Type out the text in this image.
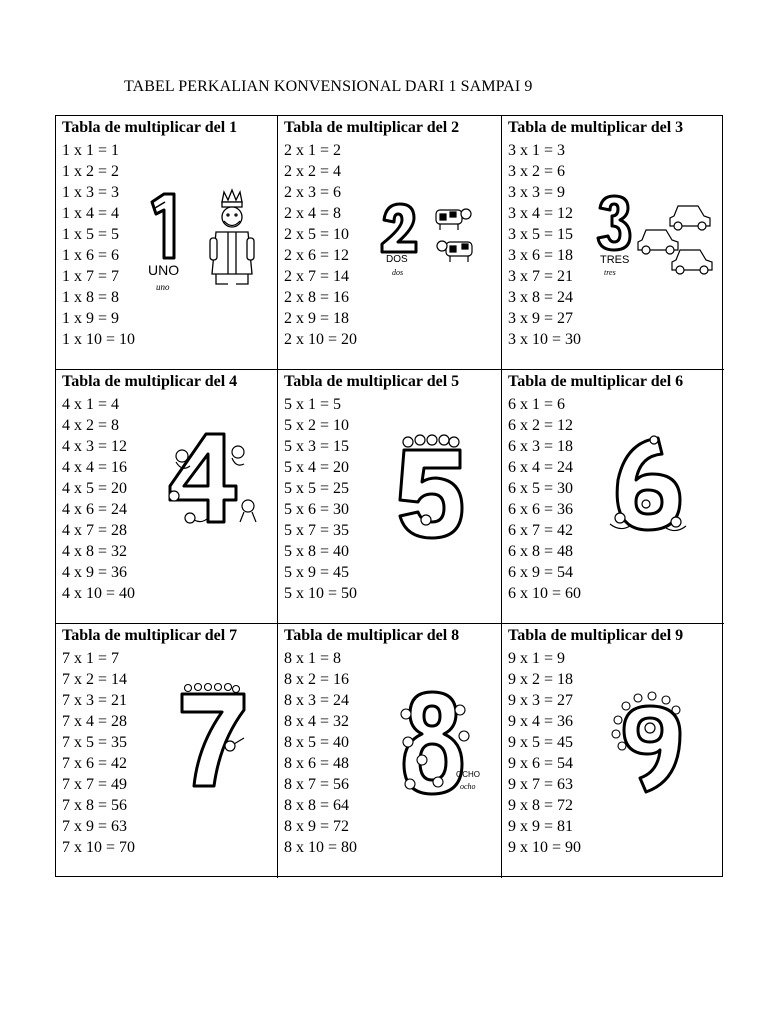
TABEL PERKALIAN KONVENSIONAL DARI 1 SAMPAI 9
Tabla de multiplicar del 1
1 x 1 = 1
1 x 2 = 2
1 x 3 = 3
1 x 4 = 4
1 x 5 = 5
1 x 6 = 6
1 x 7 = 7
1 x 8 = 8
1 x 9 = 9
1 x 10 = 10
UNO
uno
Tabla de multiplicar del 2
2 x 1 = 2
2 x 2 = 4
2 x 3 = 6
2 x 4 = 8
2 x 5 = 10
2 x 6 = 12
2 x 7 = 14
2 x 8 = 16
2 x 9 = 18
2 x 10 = 20
DOS
dos
Tabla de multiplicar del 3
3 x 1 = 3
3 x 2 = 6
3 x 3 = 9
3 x 4 = 12
3 x 5 = 15
3 x 6 = 18
3 x 7 = 21
3 x 8 = 24
3 x 9 = 27
3 x 10 = 30
TRES
tres
Tabla de multiplicar del 4
4 x 1 = 4
4 x 2 = 8
4 x 3 = 12
4 x 4 = 16
4 x 5 = 20
4 x 6 = 24
4 x 7 = 28
4 x 8 = 32
4 x 9 = 36
4 x 10 = 40
Tabla de multiplicar del 5
5 x 1 = 5
5 x 2 = 10
5 x 3 = 15
5 x 4 = 20
5 x 5 = 25
5 x 6 = 30
5 x 7 = 35
5 x 8 = 40
5 x 9 = 45
5 x 10 = 50
Tabla de multiplicar del 6
6 x 1 = 6
6 x 2 = 12
6 x 3 = 18
6 x 4 = 24
6 x 5 = 30
6 x 6 = 36
6 x 7 = 42
6 x 8 = 48
6 x 9 = 54
6 x 10 = 60
Tabla de multiplicar del 7
7 x 1 = 7
7 x 2 = 14
7 x 3 = 21
7 x 4 = 28
7 x 5 = 35
7 x 6 = 42
7 x 7 = 49
7 x 8 = 56
7 x 9 = 63
7 x 10 = 70
Tabla de multiplicar del 8
8 x 1 = 8
8 x 2 = 16
8 x 3 = 24
8 x 4 = 32
8 x 5 = 40
8 x 6 = 48
8 x 7 = 56
8 x 8 = 64
8 x 9 = 72
8 x 10 = 80
OCHO
ocho
Tabla de multiplicar del 9
9 x 1 = 9
9 x 2 = 18
9 x 3 = 27
9 x 4 = 36
9 x 5 = 45
9 x 6 = 54
9 x 7 = 63
9 x 8 = 72
9 x 9 = 81
9 x 10 = 90
